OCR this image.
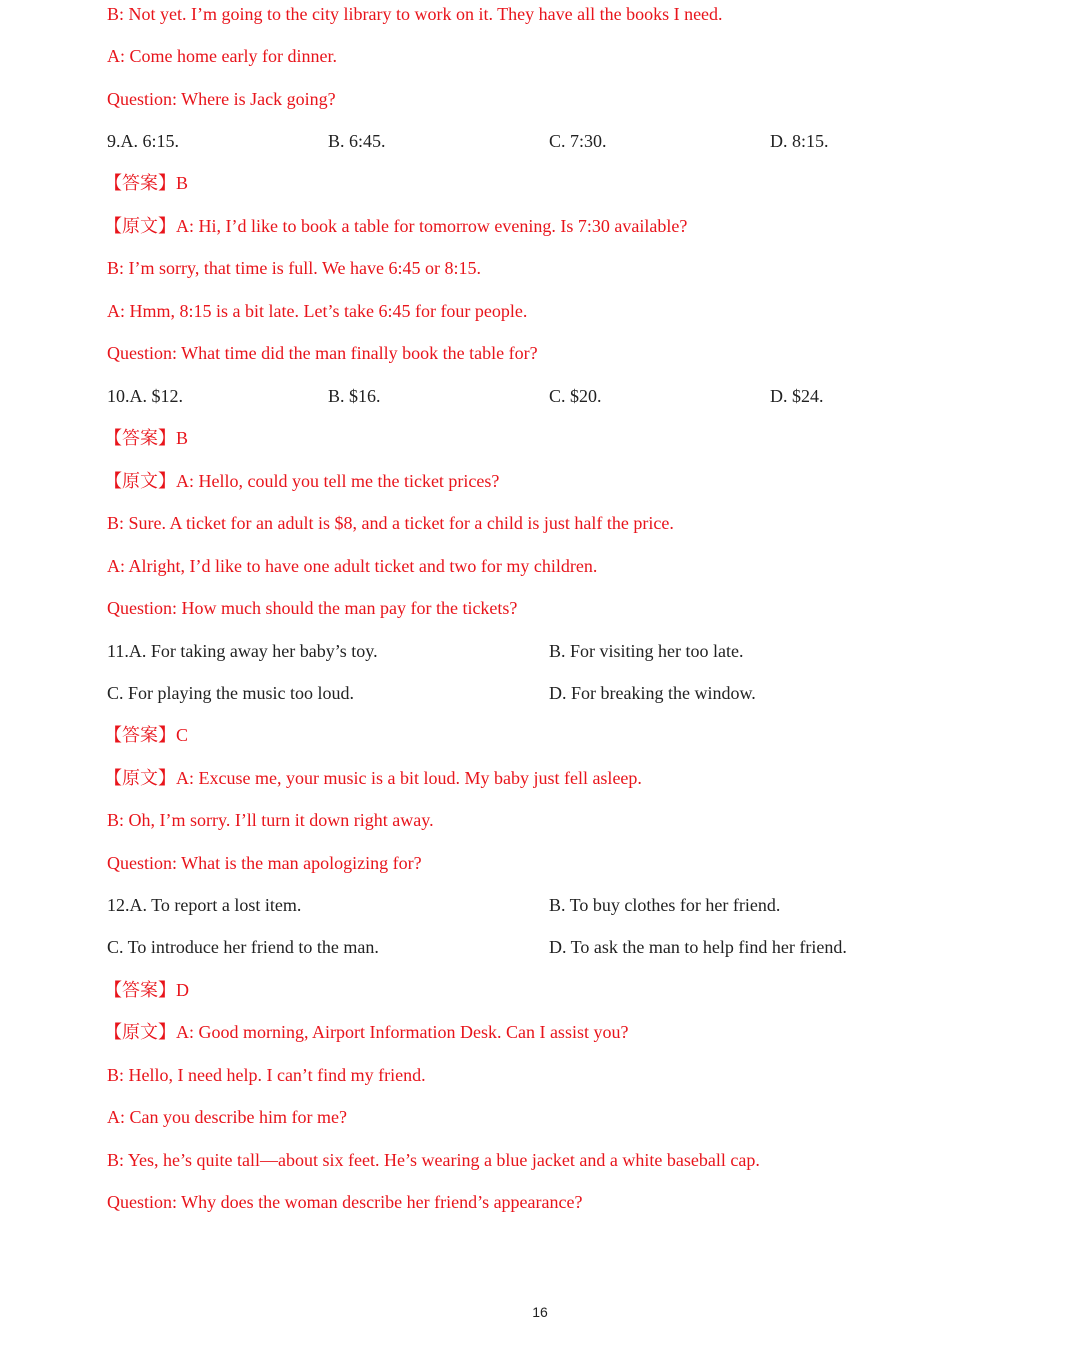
B: Not yet. I’m going to the city library to work on it. They have all the books I need.
A: Come home early for dinner.
Question: Where is Jack going?
9.A. 6:15.	B. 6:45.	C. 7:30.	D. 8:15.
【答案】B
【原文】A: Hi, I’d like to book a table for tomorrow evening. Is 7:30 available?
B: I’m sorry, that time is full. We have 6:45 or 8:15.
A: Hmm, 8:15 is a bit late. Let’s take 6:45 for four people.
Question: What time did the man finally book the table for?
10.A. $12.	B. $16.	C. $20.	D. $24.
【答案】B
【原文】A: Hello, could you tell me the ticket prices?
B: Sure. A ticket for an adult is $8, and a ticket for a child is just half the price.
A: Alright, I’d like to have one adult ticket and two for my children.
Question: How much should the man pay for the tickets?
11.A. For taking away her baby’s toy.	B. For visiting her too late.
C. For playing the music too loud.	D. For breaking the window.
【答案】C
【原文】A: Excuse me, your music is a bit loud. My baby just fell asleep.
B: Oh, I’m sorry. I’ll turn it down right away.
Question: What is the man apologizing for?
12.A. To report a lost item.	B. To buy clothes for her friend.
C. To introduce her friend to the man.	D. To ask the man to help find her friend.
【答案】D
【原文】A: Good morning, Airport Information Desk. Can I assist you?
B: Hello, I need help. I can’t find my friend.
A: Can you describe him for me?
B: Yes, he’s quite tall—about six feet. He’s wearing a blue jacket and a white baseball cap.
Question: Why does the woman describe her friend’s appearance?
16
